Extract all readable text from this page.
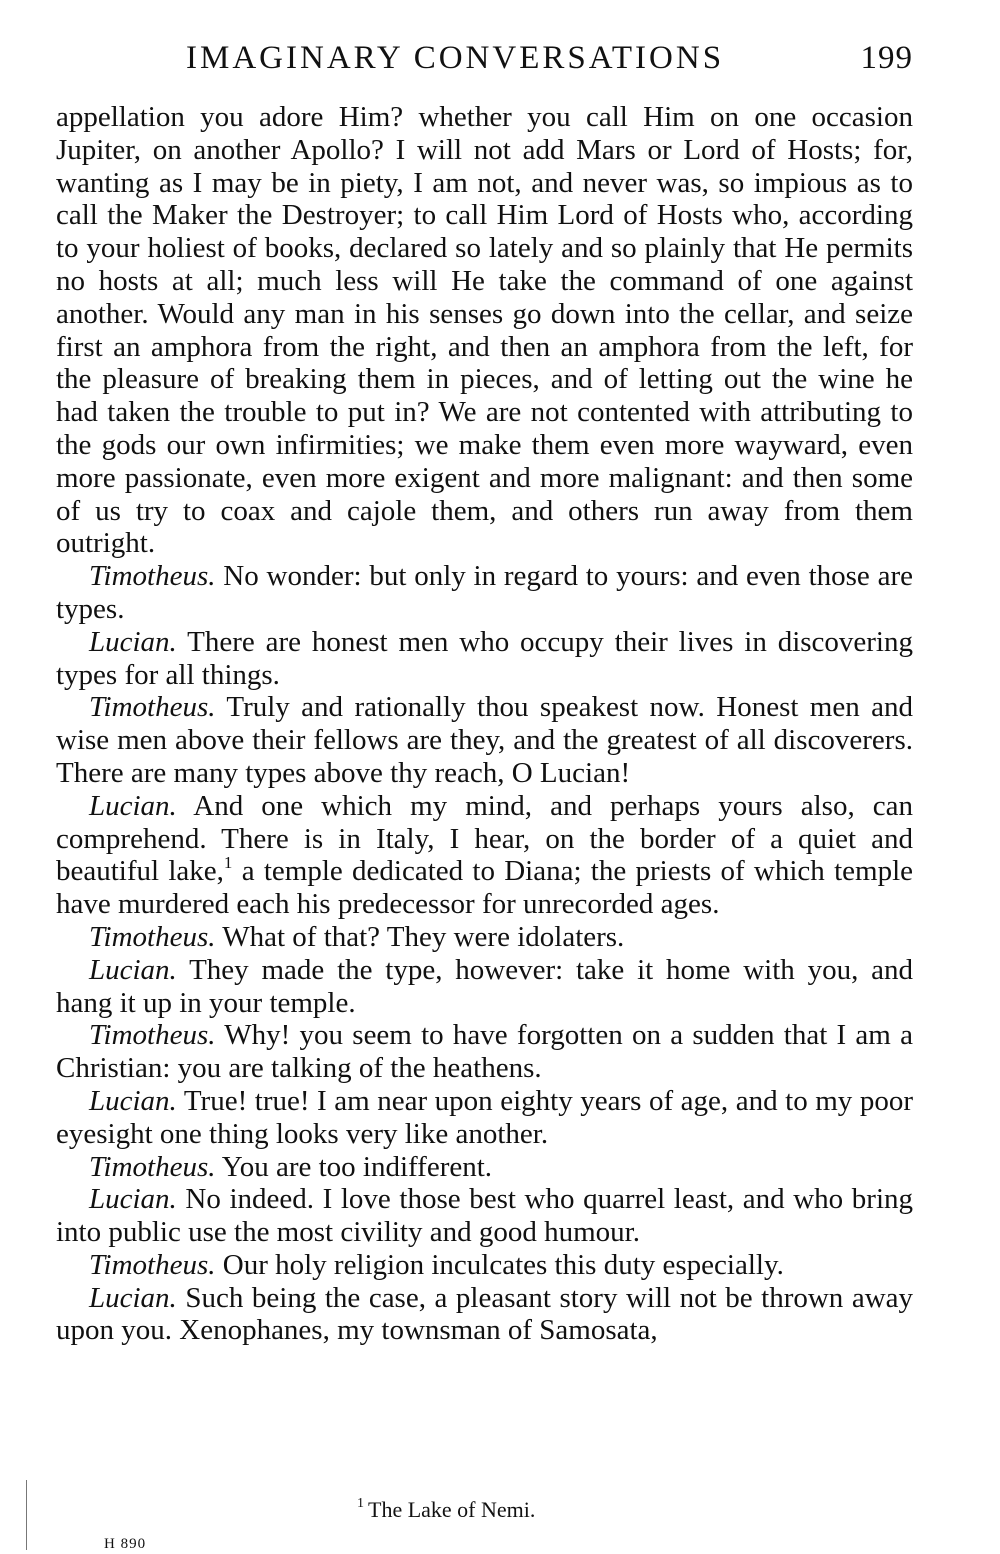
IMAGINARY CONVERSATIONS	199

appellation you adore Him? whether you call Him on one occasion Jupiter, on another Apollo? I will not add Mars or Lord of Hosts; for, wanting as I may be in piety, I am not, and never was, so impious as to call the Maker the Destroyer; to call Him Lord of Hosts who, according to your holiest of books, declared so lately and so plainly that He permits no hosts at all; much less will He take the command of one against another. Would any man in his senses go down into the cellar, and seize first an amphora from the right, and then an amphora from the left, for the pleasure of breaking them in pieces, and of letting out the wine he had taken the trouble to put in? We are not contented with attributing to the gods our own infirmities; we make them even more wayward, even more passionate, even more exigent and more malignant: and then some of us try to coax and cajole them, and others run away from them outright.

Timotheus. No wonder: but only in regard to yours: and even those are types.

Lucian. There are honest men who occupy their lives in discovering types for all things.

Timotheus. Truly and rationally thou speakest now. Honest men and wise men above their fellows are they, and the greatest of all discoverers. There are many types above thy reach, O Lucian!

Lucian. And one which my mind, and perhaps yours also, can comprehend. There is in Italy, I hear, on the border of a quiet and beautiful lake,$^1$ a temple dedicated to Diana; the priests of which temple have murdered each his predecessor for unrecorded ages.

Timotheus. What of that? They were idolaters.

Lucian. They made the type, however: take it home with you, and hang it up in your temple.

Timotheus. Why! you seem to have forgotten on a sudden that I am a Christian: you are talking of the heathens.

Lucian. True! true! I am near upon eighty years of age, and to my poor eyesight one thing looks very like another.

Timotheus. You are too indifferent.

Lucian. No indeed. I love those best who quarrel least, and who bring into public use the most civility and good humour.

Timotheus. Our holy religion inculcates this duty especially.

Lucian. Such being the case, a pleasant story will not be thrown away upon you. Xenophanes, my townsman of Samosata,

$^1$ The Lake of Nemi.
H 890
